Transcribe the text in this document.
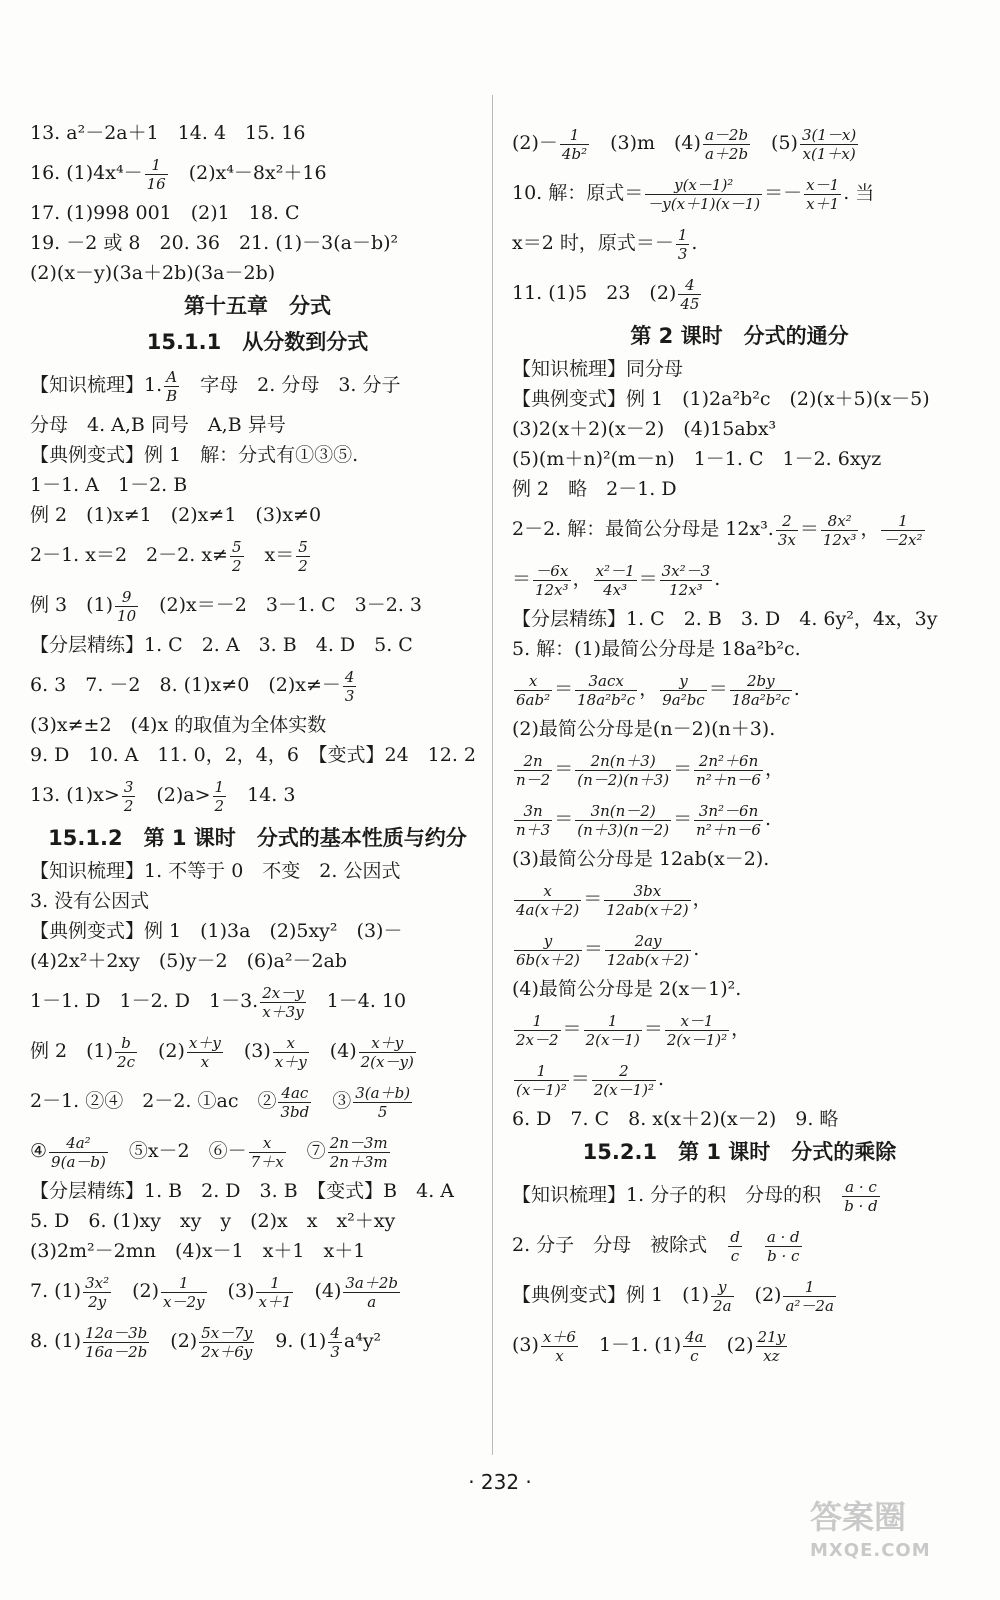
13. a²－2a＋1　14. 4　15. 16
16. $(1)4x^4- \frac{1}{16}$ 　(2)x⁴－8x²＋16
17. (1)998 001　(2)1　18. C
19. －2 或 8　20. 36　21. (1)－3(a－b)²
(2)(x－y)(3a＋2b)(3a－2b)
第十五章　分式
15.1.1　从分数到分式
【知识梳理】1. $\frac{A}{B}$ 　字母　2. 分母　3. 分子
分母　4. A,B 同号　A,B 异号
【典例变式】例 1　解：分式有①③⑤.
1－1. A　1－2. B
例 2　(1)x≠1　(2)x≠1　(3)x≠0
2－1. x＝2　2－2. $x\ne \frac{5}{2}$ 　$x= \frac{5}{2}$
例 3　$(1) \frac{9}{10}$ 　(2)x＝－2　3－1. C　3－2. 3
【分层精练】1. C　2. A　3. B　4. D　5. C
6. 3　7. －2　8. (1)x≠0　$(2)x\ne- \frac{4}{3}$
(3)x≠±2　(4)x 的取值为全体实数
9. D　10. A　11. 0，2，4，6　【变式】24　12. 2
13. $(1)x> \frac{3}{2}$ 　$(2)a> \frac{1}{2}$ 　14. 3
15.1.2　第 1 课时　分式的基本性质与约分
【知识梳理】1. 不等于 0　不变　2. 公因式
3. 没有公因式
【典例变式】例 1　(1)3a　(2)5xy²　(3)－
(4)2x²＋2xy　(5)y－2　(6)a²－2ab
1－1. D　1－2. D　1－3. $\frac{2x-y}{x+3y}$ 　1－4. 10
例 2　$(1) \frac{b}{2c}$ 　$(2) \frac{x+y}{x}$ 　$(3) \frac{x}{x+y}$ 　$(4) \frac{x+y}{2(x-y)}$
2－1. ②④　2－2. ①ac　② $\frac{4ac}{3bd}$ 　③ $\frac{3(a+b)}{5}$
④ $\frac{\text{4a²}}{9(a-b)}$ 　⑤x－2　⑥－ $\frac{x}{7+x}$ 　⑦ $\frac{2n-3m}{2n+3m}$
【分层精练】1. B　2. D　3. B　【变式】B　4. A
5. D　6. (1)xy　xy　y　(2)x　x　x²＋xy
(3)2m²－2mn　(4)x－1　x＋1　x＋1
7. $(1) \frac{\text{3x²}}{2y}$ 　$(2) \frac{1}{x-2y}$ 　$(3) \frac{1}{x+1}$ 　$(4) \frac{3a+2b}{a}$
8. $(1) \frac{12a-3b}{16a-2b}$ 　$(2) \frac{5x-7y}{2x+6y}$ 　9. $(1) \frac{4}{3} a^4y^2$
$(2)- \frac{1}{\text{4b²}}$ 　(3)m　$(4) \frac{a-2b}{a+2b}$ 　$(5) \frac{3(1-x)}{x(1+x)}$
10. 解：原式＝ $\frac{\text{y(x－1)²}}{-y(x+1)(x-1)} =- \frac{x-1}{x+1}$ . 当
x＝2 时，原式＝－ $\frac{1}{3}$ .
11. (1)5　23　$(2) \frac{4}{45}$
第 2 课时　分式的通分
【知识梳理】同分母
【典例变式】例 1　(1)2a²b²c　(2)(x＋5)(x－5)
(3)2(x＋2)(x－2)　(4)15abx³
(5)(m＋n)²(m－n)　1－1. C　1－2. 6xyz
例 2　略　2－1. D
2－2. 解：最简公分母是 12x³. $\frac{2}{3x} = \frac{\text{8x²}}{\text{12x³}}$ ， $\frac{1}{\text{－2x²}}$
＝ $\frac{-6x}{\text{12x³}}$ ， $\frac{\text{x²－1}}{\text{4x³}} = \frac{\text{3x²－3}}{\text{12x³}}$ .
【分层精练】1. C　2. B　3. D　4. 6y²，4x，3y
5. 解：(1)最简公分母是 18a²b²c.
$\frac{x}{\text{6ab²}}$ ＝	3acx
18a²b²c ， $\frac{y}{\text{9a²bc}} = \frac{2by}{\text{18a²b²c}}$ .
(2)最简公分母是(n－2)(n＋3).
$\frac{2n}{n-2} = \frac{2n(n+3)}{(n-2)(n+3)} = \frac{\text{2n²＋6n}}{\text{n²＋n－6}}$ ，
$\frac{3n}{n+3} = \frac{3n(n-2)}{(n+3)(n-2)} = \frac{\text{3n²－6n}}{\text{n²＋n－6}}$ .
(3)最简公分母是 12ab(x－2).
$\frac{x}{4a(x+2)} = \frac{3bx}{12ab(x+2)}$ ，
$\frac{y}{6b(x+2)} = \frac{2ay}{12ab(x+2)}$ .
(4)最简公分母是 2(x－1)².
$\frac{1}{2x-2} = \frac{1}{2(x-1)} = \frac{x-1}{\text{2(x－1)²}}$ ，
$\frac{1}{\text{(x－1)²}} = \frac{2}{\text{2(x－1)²}}$ .
6. D　7. C　8. x(x＋2)(x－2)　9. 略
15.2.1　第 1 课时　分式的乘除
【知识梳理】1. 分子的积　分母的积　 $\frac{a \cdot c}{b \cdot d}$
2. 分子　分母　被除式　 $\frac{d}{c}$
　 $\frac{a \cdot d}{b \cdot c}$
【典例变式】例 1　$(1) \frac{y}{2a}$ 　$(2) \frac{1}{\text{a²－2a}}$
$(3) \frac{x+6}{x}$ 　1－1. $(1) \frac{4a}{c}$ 　$(2) \frac{21y}{xz}$
· 232 ·
答案圈
MXQE.COM
